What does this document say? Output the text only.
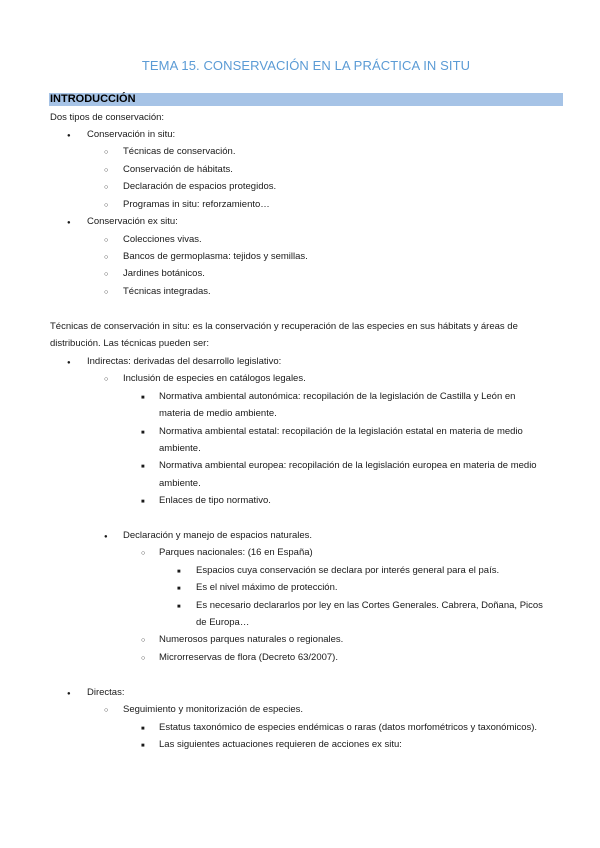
TEMA 15. CONSERVACIÓN EN LA PRÁCTICA IN SITU
INTRODUCCIÓN
Dos tipos de conservación:
●
Conservación in situ:
○
Técnicas de conservación.
○
Conservación de hábitats.
○
Declaración de espacios protegidos.
○
Programas in situ: reforzamiento…
●
Conservación ex situ:
○
Colecciones vivas.
○
Bancos de germoplasma: tejidos y semillas.
○
Jardines botánicos.
○
Técnicas integradas.
Técnicas de conservación in situ: es la conservación y recuperación de las especies en sus hábitats y áreas de
distribución. Las técnicas pueden ser:
●
Indirectas: derivadas del desarrollo legislativo:
○
Inclusión de especies en catálogos legales.
■
Normativa ambiental autonómica: recopilación de la legislación de Castilla y León en
materia de medio ambiente.
■
Normativa ambiental estatal: recopilación de la legislación estatal en materia de medio
ambiente.
■
Normativa ambiental europea: recopilación de la legislación europea en materia de medio
ambiente.
■
Enlaces de tipo normativo.
●
Declaración y manejo de espacios naturales.
○
Parques nacionales: (16 en España)
■
Espacios cuya conservación se declara por interés general para el país.
■
Es el nivel máximo de protección.
■
Es necesario declararlos por ley en las Cortes Generales. Cabrera, Doñana, Picos
de Europa…
○
Numerosos parques naturales o regionales.
○
Microrreservas de flora (Decreto 63/2007).
●
Directas:
○
Seguimiento y monitorización de especies.
■
Estatus taxonómico de especies endémicas o raras (datos morfométricos y taxonómicos).
■
Las siguientes actuaciones requieren de acciones ex situ:
